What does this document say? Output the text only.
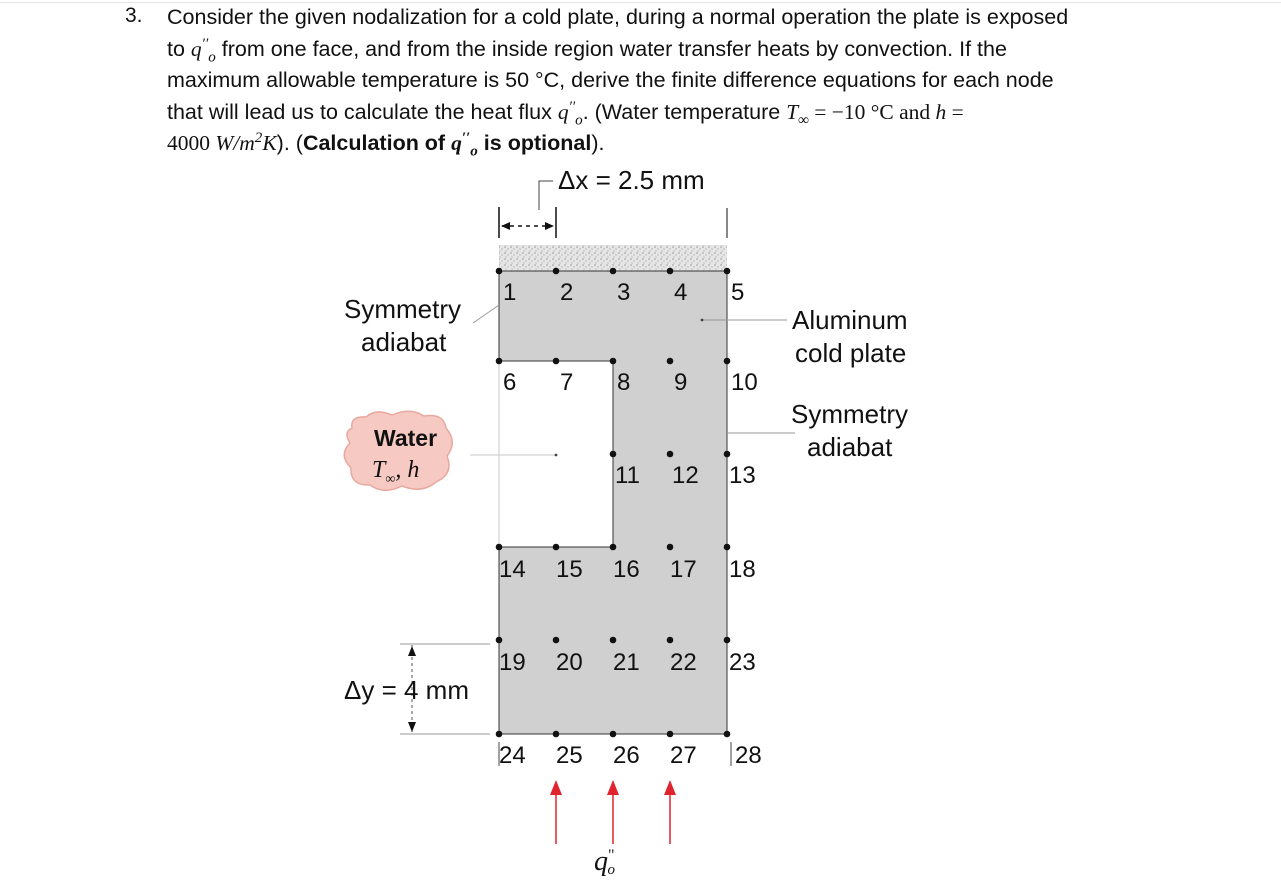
3. Consider the given nodalization for a cold plate, during a normal operation the plate is exposed
to $q''_o$ from one face, and from the inside region water transfer heats by convection. If the
maximum allowable temperature is 50 °C, derive the finite difference equations for each node
that will lead us to calculate the heat flux $q''_o$. (Water temperature $T_\infty = -10$ °C and h =
4000 $W/m^2K$). (Calculation of $q''_o$ is optional).
Δx = 2.5 mm
Water
$T_\infty$, h
Symmetry
adiabat
Aluminum
cold plate
Symmetry
adiabat
Δy = 4 mm
1 2 3 4 5
6 7 8 9 10
11 12 13
14 15 16 17 18
19 20 21 22 23
24 25 26 27 28
q" o
